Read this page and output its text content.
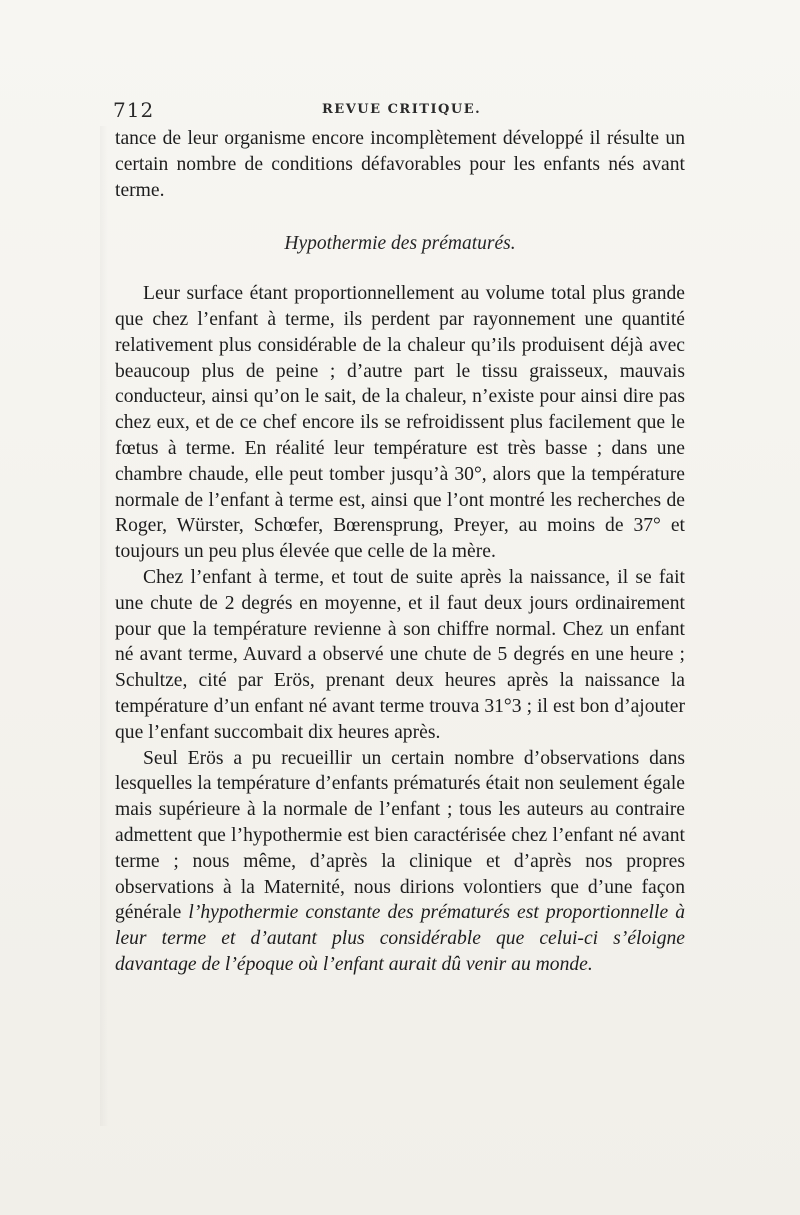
712	REVUE CRITIQUE.

tance de leur organisme encore incomplètement développé il résulte un certain nombre de conditions défavorables pour les enfants nés avant terme.

Hypothermie des prématurés.

Leur surface étant proportionnellement au volume total plus grande que chez l’enfant à terme, ils perdent par rayonnement une quantité relativement plus considérable de la chaleur qu’ils produisent déjà avec beaucoup plus de peine ; d’autre part le tissu graisseux, mauvais conducteur, ainsi qu’on le sait, de la chaleur, n’existe pour ainsi dire pas chez eux, et de ce chef encore ils se refroidissent plus facilement que le fœtus à terme. En réalité leur température est très basse ; dans une chambre chaude, elle peut tomber jusqu’à 30°, alors que la température normale de l’enfant à terme est, ainsi que l’ont montré les recherches de Roger, Würster, Schœfer, Bœrensprung, Preyer, au moins de 37° et toujours un peu plus élevée que celle de la mère.

Chez l’enfant à terme, et tout de suite après la naissance, il se fait une chute de 2 degrés en moyenne, et il faut deux jours ordinairement pour que la température revienne à son chiffre normal. Chez un enfant né avant terme, Auvard a observé une chute de 5 degrés en une heure ; Schultze, cité par Erös, prenant deux heures après la naissance la température d’un enfant né avant terme trouva 31°3 ; il est bon d’ajouter que l’enfant succombait dix heures après.

Seul Erös a pu recueillir un certain nombre d’observations dans lesquelles la température d’enfants prématurés était non seulement égale mais supérieure à la normale de l’enfant ; tous les auteurs au contraire admettent que l’hypothermie est bien caractérisée chez l’enfant né avant terme ; nous même, d’après la clinique et d’après nos propres observations à la Maternité, nous dirions volontiers que d’une façon générale l’hypothermie constante des prématurés est proportionnelle à leur terme et d’autant plus considérable que celui-ci s’éloigne davantage de l’époque où l’enfant aurait dû venir au monde.
